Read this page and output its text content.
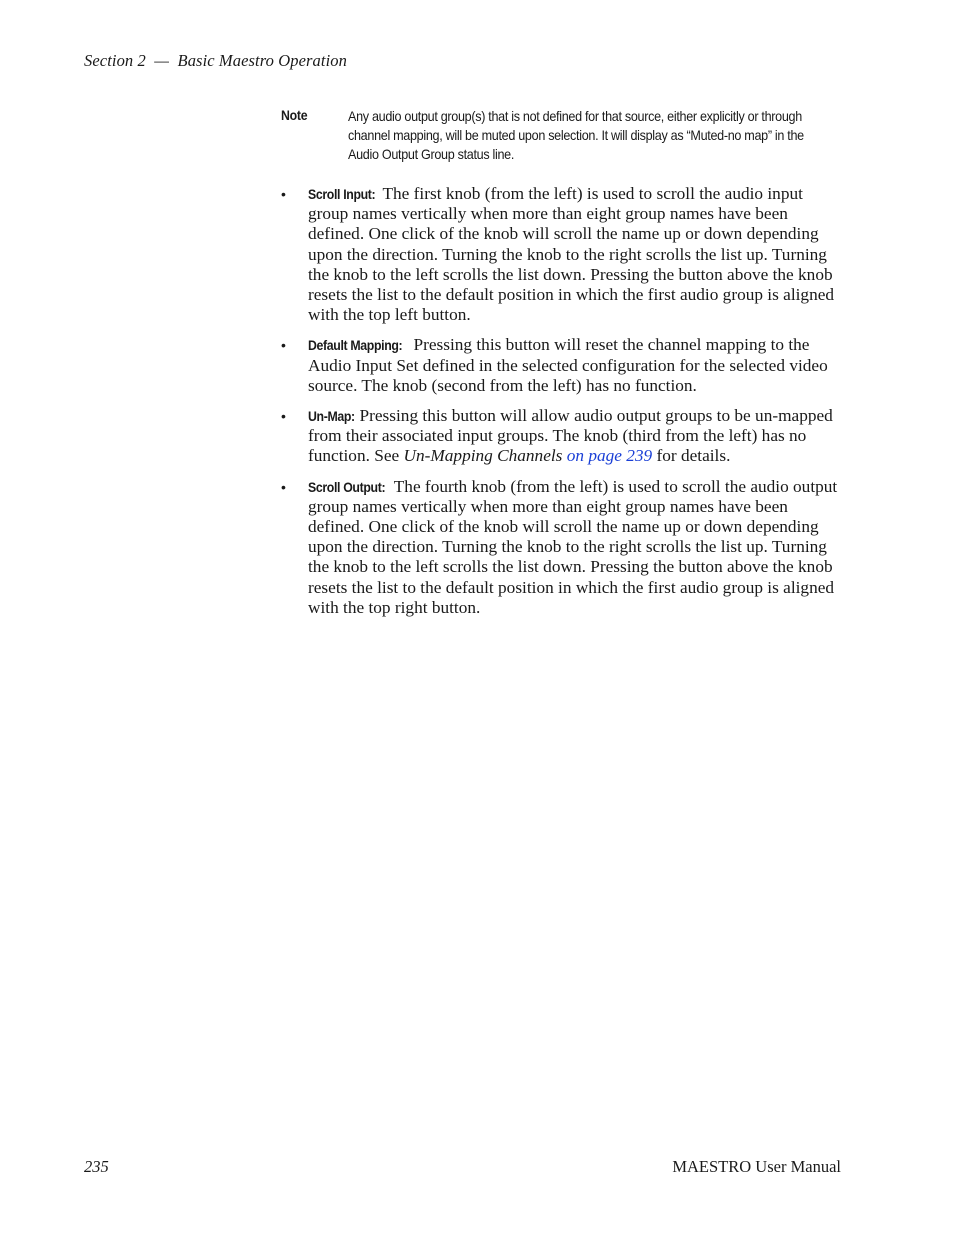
Section 2 — Basic Maestro Operation
Note	Any audio output group(s) that is not defined for that source, either explicitly or through channel mapping, will be muted upon selection. It will display as “Muted-no map” in the Audio Output Group status line.
• Scroll Input: The first knob (from the left) is used to scroll the audio input group names vertically when more than eight group names have been defined. One click of the knob will scroll the name up or down depending upon the direction. Turning the knob to the right scrolls the list up. Turning the knob to the left scrolls the list down. Pressing the button above the knob resets the list to the default position in which the first audio group is aligned with the top left button.
• Default Mapping: Pressing this button will reset the channel mapping to the Audio Input Set defined in the selected configuration for the selected video source. The knob (second from the left) has no function.
• Un-Map: Pressing this button will allow audio output groups to be un-mapped from their associated input groups. The knob (third from the left) has no function. See Un-Mapping Channels on page 239 for details.
• Scroll Output: The fourth knob (from the left) is used to scroll the audio output group names vertically when more than eight group names have been defined. One click of the knob will scroll the name up or down depending upon the direction. Turning the knob to the right scrolls the list up. Turning the knob to the left scrolls the list down. Pressing the button above the knob resets the list to the default position in which the first audio group is aligned with the top right button.
235	MAESTRO User Manual
